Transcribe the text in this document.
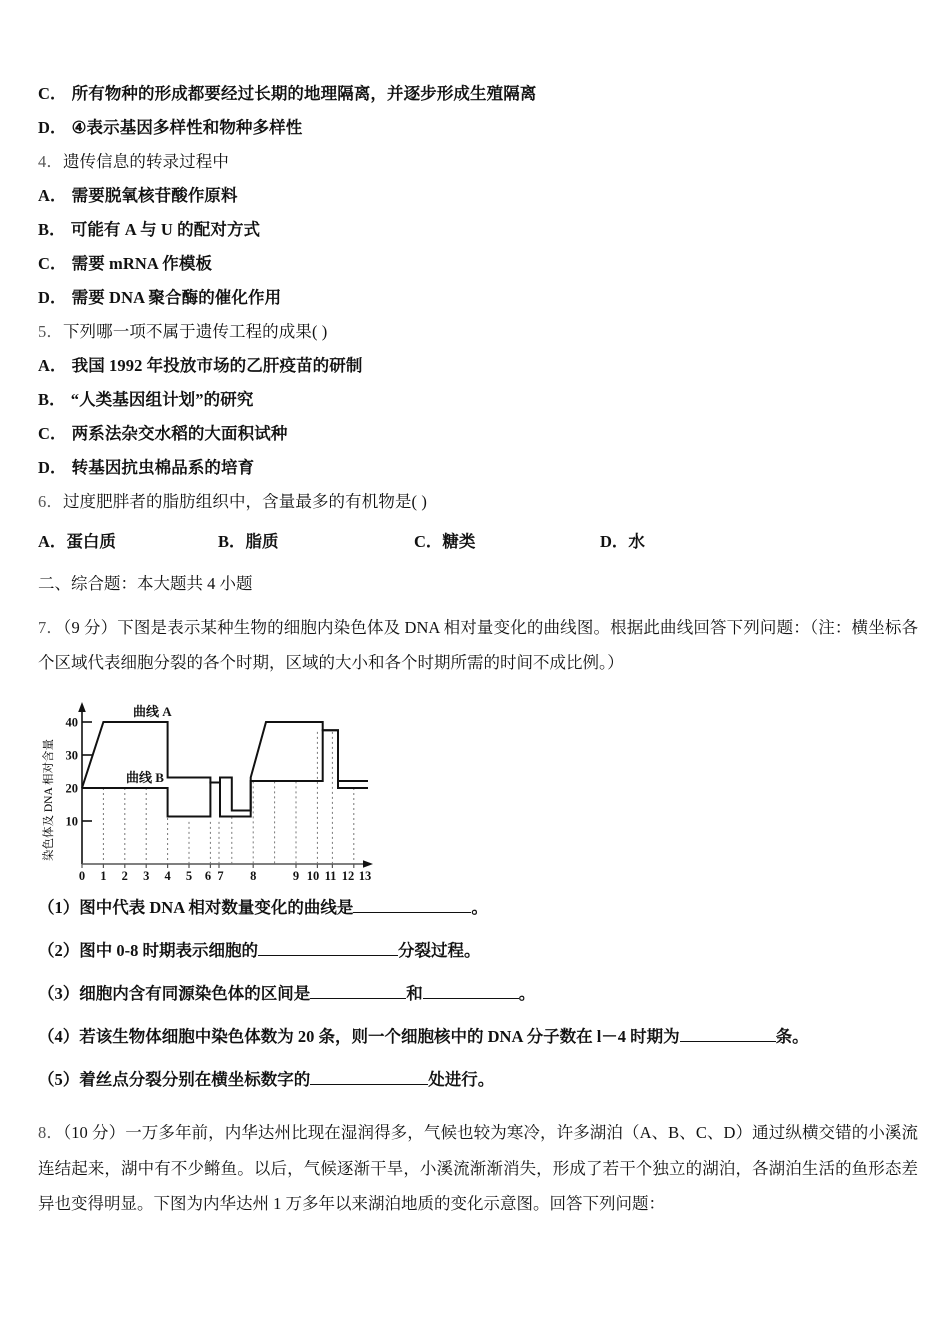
C． 所有物种的形成都要经过长期的地理隔离，并逐步形成生殖隔离
D． ④表示基因多样性和物种多样性
4．遗传信息的转录过程中
A． 需要脱氧核苷酸作原料
B． 可能有 A 与 U 的配对方式
C． 需要 mRNA 作模板
D． 需要 DNA 聚合酶的催化作用
5．下列哪一项不属于遗传工程的成果( )
A． 我国 1992 年投放市场的乙肝疫苗的研制
B． “人类基因组计划”的研究
C． 两系法杂交水稻的大面积试种
D． 转基因抗虫棉品系的培育
6．过度肥胖者的脂肪组织中，含量最多的有机物是( )
A．蛋白质	B．脂质	C．糖类	D．水
二、综合题：本大题共 4 小题
7．（9 分）下图是表示某种生物的细胞内染色体及 DNA 相对量变化的曲线图。根据此曲线回答下列问题：（注：横坐标各个区域代表细胞分裂的各个时期，区域的大小和各个时期所需的时间不成比例。）
染色体及 DNA 相对含量
40
30
20
10
0 1 2 3 4 5 6 7 8	9 10 11 12 13
曲线 A
曲线 B
（1）图中代表 DNA 相对数量变化的曲线是	。
（2）图中 0-8 时期表示细胞的	分裂过程。
（3）细胞内含有同源染色体的区间是	和	。
（4）若该生物体细胞中染色体数为 20 条，则一个细胞核中的 DNA 分子数在 l－4 时期为	条。
（5）着丝点分裂分别在横坐标数字的	处进行。
8．（10 分）一万多年前，内华达州比现在湿润得多，气候也较为寒冷，许多湖泊（A、B、C、D）通过纵横交错的小溪流连结起来，湖中有不少鳉鱼。以后，气候逐渐干旱，小溪流渐渐消失，形成了若干个独立的湖泊，各湖泊生活的鱼形态差异也变得明显。下图为内华达州 1 万多年以来湖泊地质的变化示意图。回答下列问题：
